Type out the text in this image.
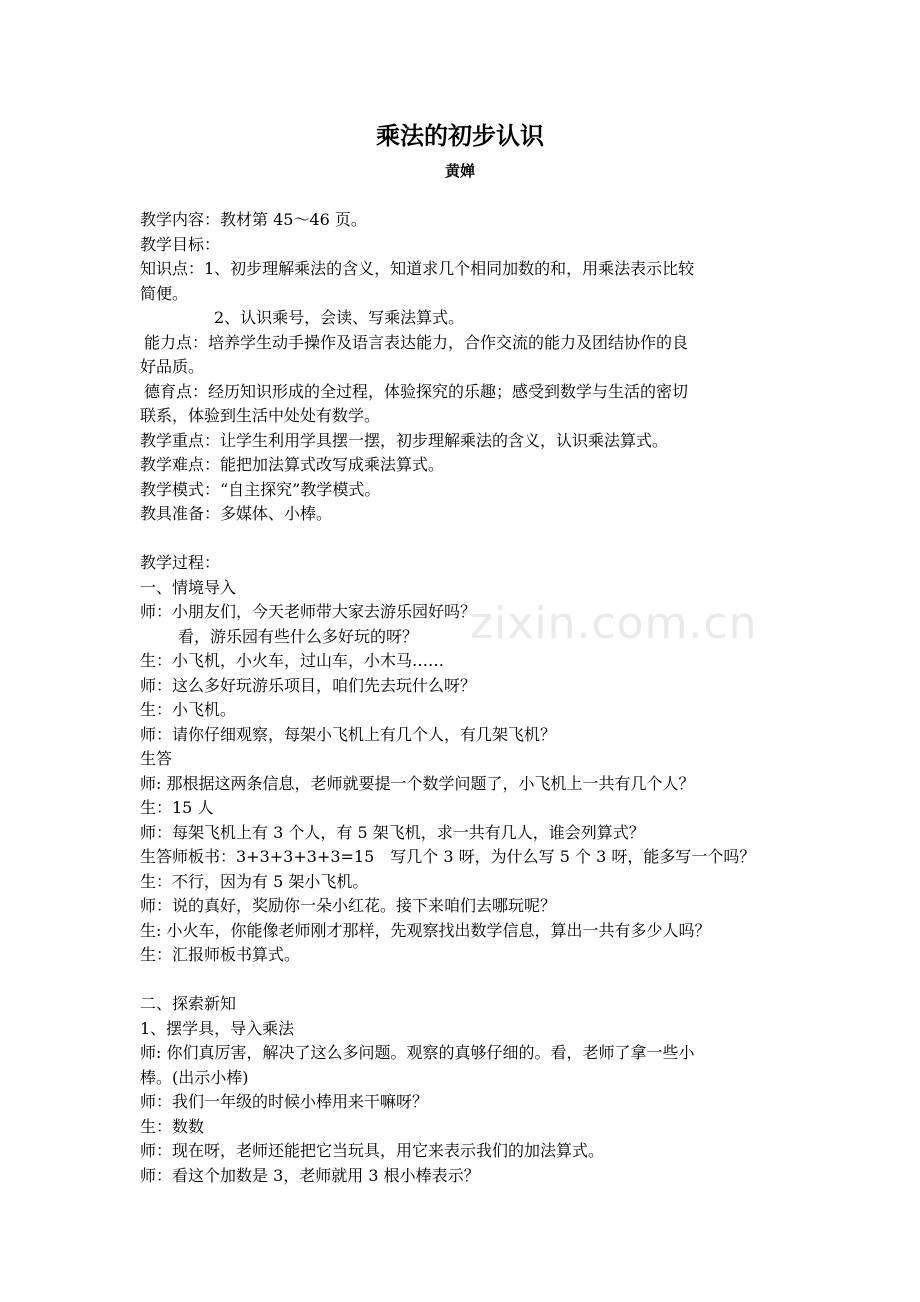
zixin.com.cn
乘法的初步认识
黄婵
教学内容：教材第 45～46 页。
教学目标：
知识点：1、初步理解乘法的含义，知道求几个相同加数的和，用乘法表示比较
简便。
2、认识乘号，会读、写乘法算式。
能力点：培养学生动手操作及语言表达能力，合作交流的能力及团结协作的良
好品质。
德育点：经历知识形成的全过程，体验探究的乐趣；感受到数学与生活的密切
联系，体验到生活中处处有数学。
教学重点：让学生利用学具摆一摆，初步理解乘法的含义，认识乘法算式。
教学难点：能把加法算式改写成乘法算式。
教学模式：“自主探究”教学模式。
教具准备：多媒体、小棒。
教学过程：
一、情境导入
师：小朋友们，今天老师带大家去游乐园好吗？
看，游乐园有些什么多好玩的呀？
生：小飞机，小火车，过山车，小木马……
师：这么多好玩游乐项目，咱们先去玩什么呀？
生：小飞机。
师：请你仔细观察，每架小飞机上有几个人，有几架飞机？
生答
师: 那根据这两条信息，老师就要提一个数学问题了，小飞机上一共有几个人？
生：15 人
师：每架飞机上有 3 个人，有 5 架飞机，求一共有几人，谁会列算式？
生答师板书：3+3+3+3+3=15　写几个 3 呀，为什么写 5 个 3 呀，能多写一个吗？
生：不行，因为有 5 架小飞机。
师：说的真好，奖励你一朵小红花。接下来咱们去哪玩呢？
生: 小火车，你能像老师刚才那样，先观察找出数学信息，算出一共有多少人吗？
生：汇报师板书算式。
二、探索新知
1、摆学具，导入乘法
师: 你们真厉害，解决了这么多问题。观察的真够仔细的。看，老师了拿一些小
棒。(出示小棒)
师：我们一年级的时候小棒用来干嘛呀？
生：数数
师：现在呀，老师还能把它当玩具，用它来表示我们的加法算式。
师：看这个加数是 3，老师就用 3 根小棒表示？
